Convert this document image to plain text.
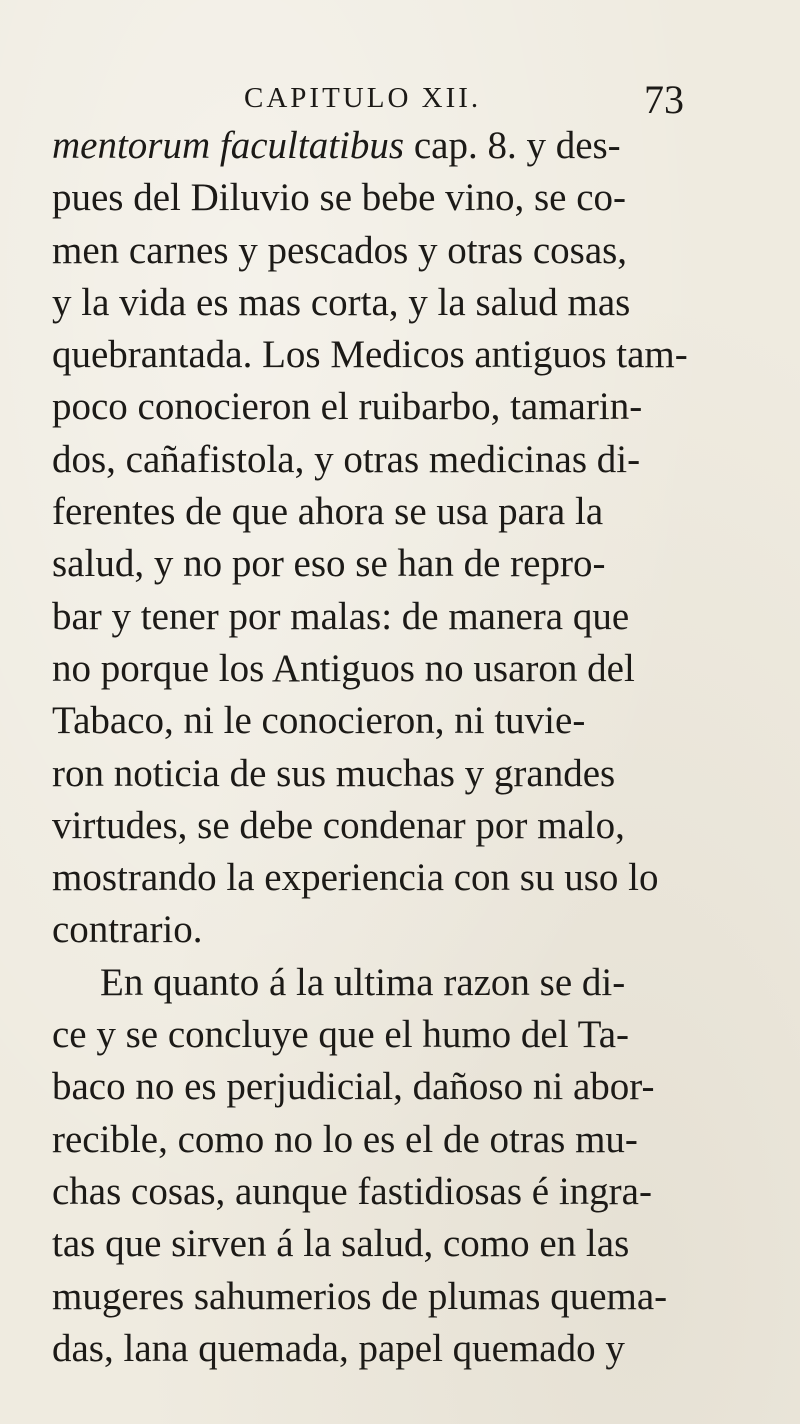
CAPITULO XII.	73
mentorum facultatibus cap. 8. y des-
pues del Diluvio se bebe vino, se co-
men carnes y pescados y otras cosas,
y la vida es mas corta, y la salud mas
quebrantada. Los Medicos antiguos tam-
poco conocieron el ruibarbo, tamarin-
dos, cañafistola, y otras medicinas di-
ferentes de que ahora se usa para la
salud, y no por eso se han de repro-
bar y tener por malas: de manera que
no porque los Antiguos no usaron del
Tabaco, ni le conocieron, ni tuvie-
ron noticia de sus muchas y grandes
virtudes, se debe condenar por malo,
mostrando la experiencia con su uso lo
contrario.
En quanto á la ultima razon se di-
ce y se concluye que el humo del Ta-
baco no es perjudicial, dañoso ni abor-
recible, como no lo es el de otras mu-
chas cosas, aunque fastidiosas é ingra-
tas que sirven á la salud, como en las
mugeres sahumerios de plumas quema-
das, lana quemada, papel quemado y
